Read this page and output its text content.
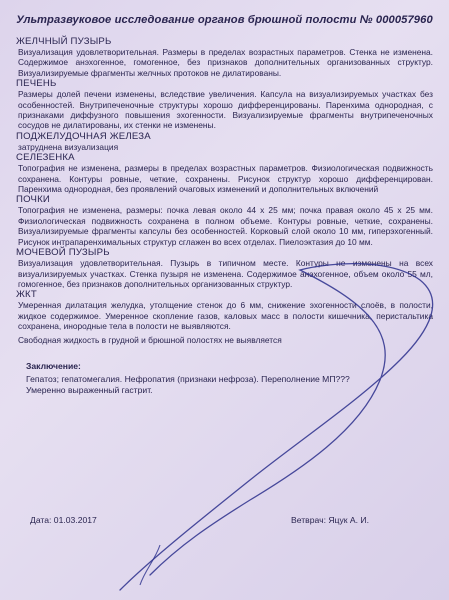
Ультразвуковое исследование органов брюшной полости № 000057960
ЖЕЛЧНЫЙ ПУЗЫРЬ
Визуализация удовлетворительная. Размеры в пределах возрастных параметров. Стенка не изменена. Содержимое анэхогенное, гомогенное, без признаков дополнительных организованных структур. Визуализируемые фрагменты желчных протоков не дилатированы.
ПЕЧЕНЬ
Размеры долей печени изменены, вследствие увеличения. Капсула на визуализируемых участках без особенностей. Внутрипеченочные структуры хорошо дифференцированы. Паренхима однородная, с признаками диффузного повышения эхогенности. Визуализируемые фрагменты внутрипеченочных сосудов не дилатированы, их стенки не изменены.
ПОДЖЕЛУДОЧНАЯ ЖЕЛЕЗА
затруднена визуализация
СЕЛЕЗЕНКА
Топография не изменена, размеры в пределах возрастных параметров. Физиологическая подвижность сохранена. Контуры ровные, четкие, сохранены. Рисунок структур хорошо дифференцирован. Паренхима однородная, без проявлений очаговых изменений и дополнительных включений
ПОЧКИ
Топография не изменена, размеры: почка левая около 44 х 25 мм; почка правая около 45 х 25 мм. Физиологическая подвижность сохранена в полном объеме. Контуры ровные, четкие, сохранены. Визуализируемые фрагменты капсулы без особенностей. Корковый слой около 10 мм, гиперэхогенный. Рисунок интрапаренхимальных структур сглажен во всех отделах. Пиелоэктазия до 10 мм.
МОЧЕВОЙ ПУЗЫРЬ
Визуализация удовлетворительная. Пузырь в типичном месте. Контуры не изменены на всех визуализируемых участках. Стенка пузыря не изменена. Содержимое анэхогенное, объем около 55 мл, гомогенное, без признаков дополнительных организованных структур.
ЖКТ
Умеренная дилатация желудка, утолщение стенок до 6 мм, снижение эхогенности слоёв, в полости, жидкое содержимое. Умеренное скопление газов, каловых масс в полости кишечника, перистальтика сохранена, инородные тела в полости не выявляются.
Свободная жидкость в грудной и брюшной полостях не выявляется
Заключение:
Гепатоз; гепатомегалия. Нефропатия (признаки нефроза). Переполнение МП???
Умеренно выраженный гастрит.
Дата: 01.03.2017	Ветврач: Яцук А. И.
